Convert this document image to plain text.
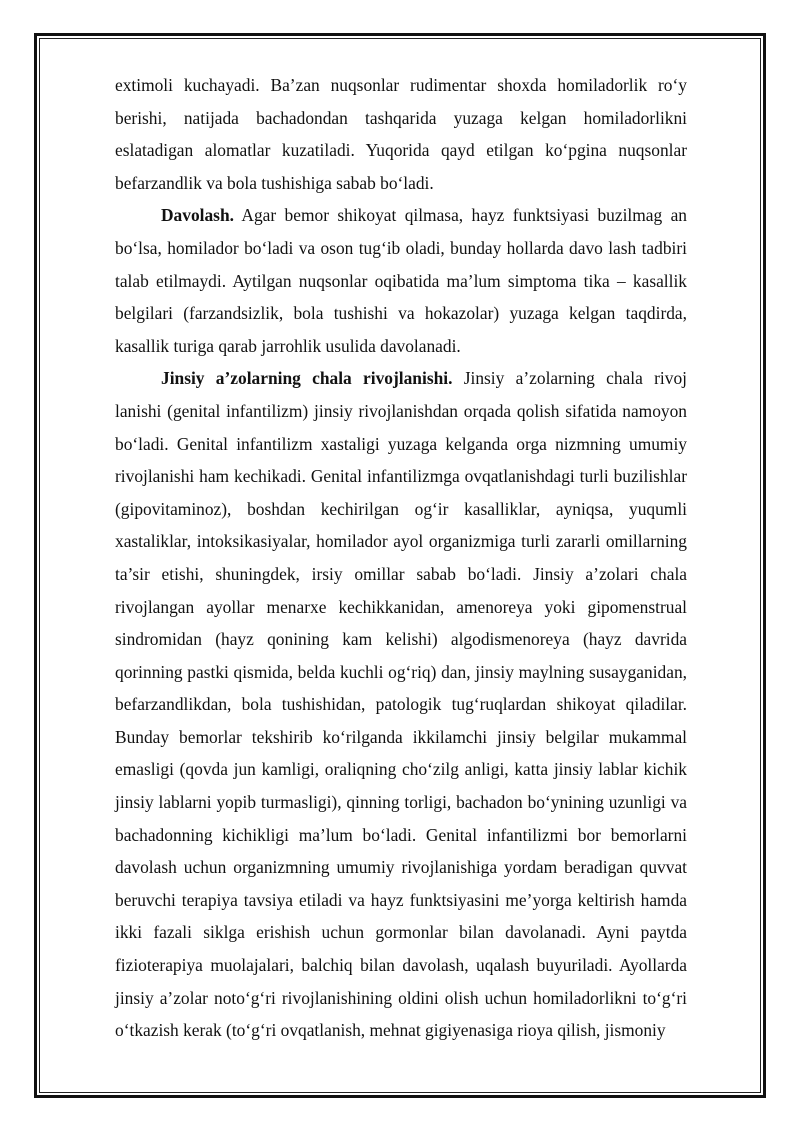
extimoli kuchayadi. Ba’zan nuqsonlar rudimentar shoxda homiladorlik ro‘y berishi, natijada bachadondan tashqarida yuzaga kelgan homiladorlikni eslatadigan alomatlar kuzatiladi. Yuqorida qayd etilgan ko‘pgina nuqsonlar befarzandlik va bola tushishiga sabab bo‘ladi.

Davolash. Agar bemor shikoyat qilmasa, hayz funktsiyasi buzilmag an bo‘lsa, homilador bo‘ladi va oson tug‘ib oladi, bunday hollarda davo lash tadbiri talab etilmaydi. Aytilgan nuqsonlar oqibatida ma’lum simptoma tika – kasallik belgilari (farzandsizlik, bola tushishi va hokazolar) yuzaga kelgan taqdirda, kasallik turiga qarab jarrohlik usulida davolanadi.

Jinsiy a’zolarning chala rivojlanishi. Jinsiy a’zolarning chala rivoj lanishi (genital infantilizm) jinsiy rivojlanishdan orqada qolish sifatida namoyon bo‘ladi. Genital infantilizm xastaligi yuzaga kelganda orga nizmning umumiy rivojlanishi ham kechikadi. Genital infantilizmga ovqatlanishdagi turli buzilishlar (gipovitaminoz), boshdan kechirilgan og‘ir kasalliklar, ayniqsa, yuqumli xastaliklar, intoksikasiyalar, homilador ayol organizmiga turli zararli omillarning ta’sir etishi, shuningdek, irsiy omillar sabab bo‘ladi. Jinsiy a’zolari chala rivojlangan ayollar menarxe kechikkanidan, amenoreya yoki gipomenstrual sindromidan (hayz qonining kam kelishi) algodismenoreya (hayz davrida qorinning pastki qismida, belda kuchli og‘riq) dan, jinsiy maylning susayganidan, befarzandlikdan, bola tushishidan, patologik tug‘ruqlardan shikoyat qiladilar. Bunday bemorlar tekshirib ko‘rilganda ikkilamchi jinsiy belgilar mukammal emasligi (qovda jun kamligi, oraliqning cho‘zilg anligi, katta jinsiy lablar kichik jinsiy lablarni yopib turmasligi), qinning torligi, bachadon bo‘ynining uzunligi va bachadonning kichikligi ma’lum bo‘ladi. Genital infantilizmi bor bemorlarni davolash uchun organizmning umumiy rivojlanishiga yordam beradigan quvvat beruvchi terapiya tavsiya etiladi va hayz funktsiyasini me’yorga keltirish hamda ikki fazali siklga erishish uchun gormonlar bilan davolanadi. Ayni paytda fizioterapiya muolajalari, balchiq bilan davolash, uqalash buyuriladi. Ayollarda jinsiy a’zolar noto‘g‘ri rivojlanishining oldini olish uchun homiladorlikni to‘g‘ri o‘tkazish kerak (to‘g‘ri ovqatlanish, mehnat gigiyenasiga rioya qilish, jismoniy
